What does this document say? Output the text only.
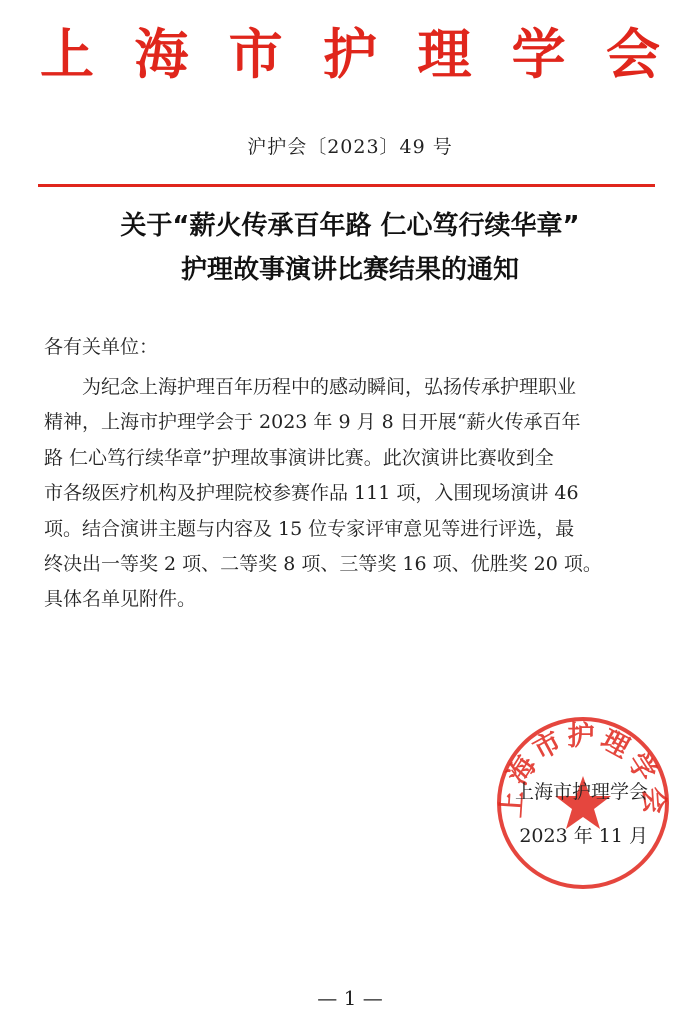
上 海 市 护 理 学 会
沪护会〔2023〕49 号
关于“薪火传承百年路 仁心笃行续华章”
护理故事演讲比赛结果的通知
各有关单位：
为纪念上海护理百年历程中的感动瞬间，弘扬传承护理职业
精神，上海市护理学会于 2023 年 9 月 8 日开展“薪火传承百年
路 仁心笃行续华章”护理故事演讲比赛。此次演讲比赛收到全
市各级医疗机构及护理院校参赛作品 111 项，入围现场演讲 46
项。结合演讲主题与内容及 15 位专家评审意见等进行评选，最
终决出一等奖 2 项、二等奖 8 项、三等奖 16 项、优胜奖 20 项。
具体名单见附件。
上海市护理学会
上海市护理学会
2023 年 11 月
— 1 —
